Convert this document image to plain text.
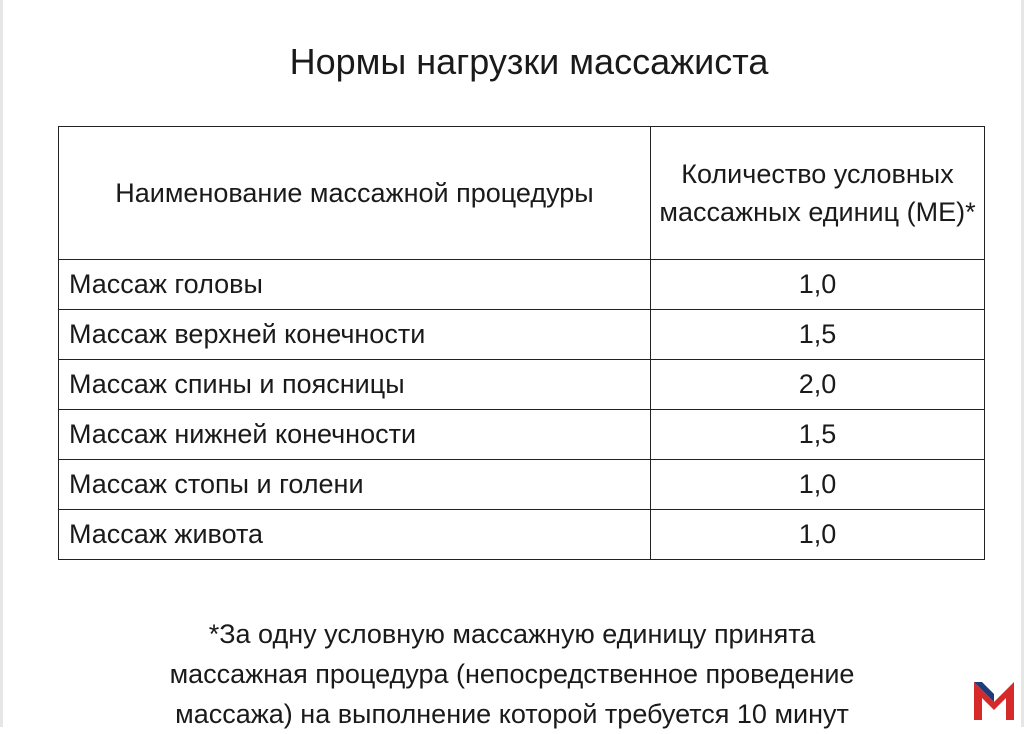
Нормы нагрузки массажиста
Наименование массажной процедуры	Количество условных массажных единиц (МЕ)*
Массаж головы	1,0
Массаж верхней конечности	1,5
Массаж спины и поясницы	2,0
Массаж нижней конечности	1,5
Массаж стопы и голени	1,0
Массаж живота	1,0
*За одну условную массажную единицу принята
массажная процедура (непосредственное проведение
массажа) на выполнение которой требуется 10 минут
